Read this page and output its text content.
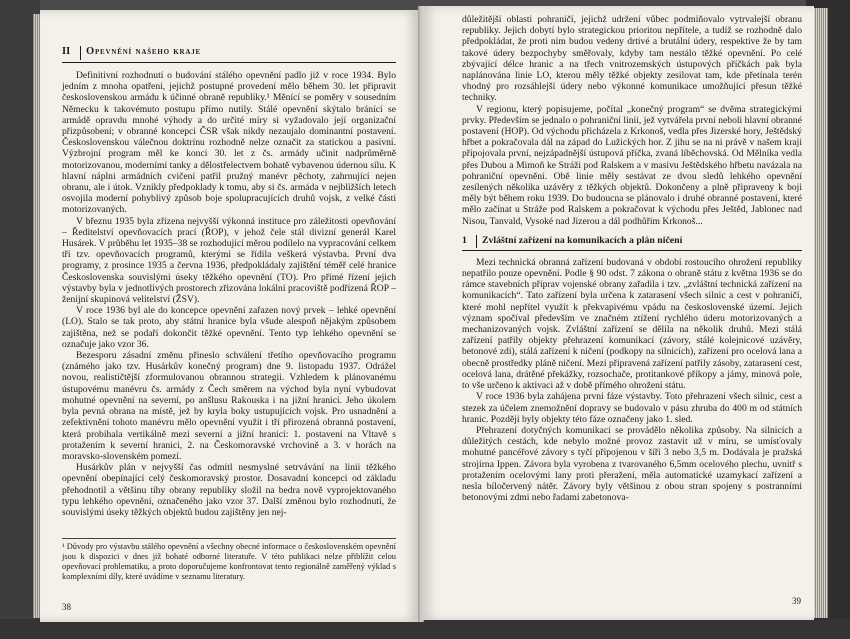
II	Opevnění našeho kraje

Definitivní rozhodnutí o budování stálého opevnění padlo již v roce 1934. Bylo jedním z mnoha opatření, jejichž postupné provedení mělo během 30. let připravit československou armádu k účinné obraně republiky.¹ Měnící se poměry v sousedním Německu k takovémuto postupu přímo nutily. Stálé opevnění skýtalo bránící se armádě opravdu mnohé výhody a do určité míry si vyžadovalo její organizační přizpůsobení; v obranné koncepci ČSR však nikdy nezaujalo dominantní postavení. Československou válečnou doktrínu rozhodně nelze označit za statickou a pasivní. Výzbrojní program měl ke konci 30. let z čs. armády učinit nadprůměrně motorizovanou, moderními tanky a dělostřelectvem bohatě vybavenou údernou sílu. K hlavní náplni armádních cvičení patřil pružný manévr pěchoty, zahrnující nejen obranu, ale i útok. Vznikly předpoklady k tomu, aby si čs. armáda v nejbližších letech osvojila moderní pohyblivý způsob boje spolupracujících druhů vojsk, z velké části motorizovaných.

V březnu 1935 byla zřízena nejvyšší výkonná instituce pro záležitosti opevňování – Ředitelství opevňovacích prací (ŘOP), v jehož čele stál divizní generál Karel Husárek. V průběhu let 1935–38 se rozhodující měrou podílelo na vypracování celkem tří tzv. opevňovacích programů, kterými se řídila veškerá výstavba. První dva programy, z prosince 1935 a června 1936, předpokládaly zajištění téměř celé hranice Československa souvislými úseky těžkého opevnění (TO). Pro přímé řízení jejich výstavby byla v jednotlivých prostorech zřizována lokální pracoviště podřízená ŘOP – ženijní skupinová velitelství (ŽSV).

V roce 1936 byl ale do koncepce opevnění zařazen nový prvek – lehké opevnění (LO). Stalo se tak proto, aby státní hranice byla všude alespoň nějakým způsobem zajištěna, než se podaří dokončit těžké opevnění. Tento typ lehkého opevnění se označuje jako vzor 36.

Bezesporu zásadní změnu přineslo schválení třetího opevňovacího programu (známého jako tzv. Husárkův konečný program) dne 9. listopadu 1937. Odrážel novou, realističtější zformulovanou obrannou strategii. Vzhledem k plánovanému ústupovému manévru čs. armády z Čech směrem na východ byla nyní vybudovat mohutné opevnění na severní, po anšlusu Rakouska i na jižní hranici. Jeho úkolem byla pevná obrana na místě, jež by kryla boky ustupujících vojsk. Pro usnadnění a zefektivnění tohoto manévru mělo opevnění využít i tří přirozená obranná postavení, která probíhala vertikálně mezi severní a jižní hranicí: 1. postavení na Vltavě s protažením k severní hranici, 2. na Českomoravské vrchovině a 3. v horách na moravsko-slovenském pomezí.

Husárkův plán v nejvyšší čas odmítl nesmyslné setrvávání na linii těžkého opevnění obepínající celý českomoravský prostor. Dosavadní koncepci od základu přehodnotil a většinu tíhy obrany republiky složil na bedra nově vyprojektovaného typu lehkého opevnění, označeného jako vzor 37. Další změnou bylo rozhodnutí, že souvislými úseky těžkých objektů budou zajištěny jen nej-

¹ Důvody pro výstavbu stálého opevnění a všechny obecné informace o československém opevnění jsou k dispozici v dnes již bohaté odborné literatuře. V této publikaci nelze přiblížit celou opevňovací problematiku, a proto doporučujeme konfrontovat tento regionálně zaměřený výklad s komplexními díly, které uvádíme v seznamu literatury.

38

důležitější oblasti pohraničí, jejichž udržení vůbec podmiňovalo vytrvalejší obranu republiky. Jejich dobytí bylo strategickou prioritou nepřítele, a tudíž se rozhodně dalo předpokládat, že proti nim budou vedeny drtivé a brutální údery, respektive že by tam takové údery bezpochyby směřovaly, kdyby tam nestálo těžké opevnění. Po celé zbývající délce hranic a na třech vnitrozemských ústupových příčkách pak byla naplánována linie LO, kterou měly těžké objekty zesilovat tam, kde přetínala terén vhodný pro rozsáhlejší údery nebo výkonné komunikace umožňující přesun těžké techniky.

V regionu, který popisujeme, počítal „konečný program“ se dvěma strategickými prvky. Především se jednalo o pohraniční linii, jež vytvářela první neboli hlavní obranné postavení (HOP). Od východu přicházela z Krkonoš, vedla přes Jizerské hory, Ještědský hřbet a pokračovala dál na západ do Lužických hor. Z jihu se na ni právě v našem kraji připojovala první, nejzápadnější ústupová příčka, zvaná líběchovská. Od Mělníka vedla přes Dubou a Mimoň ke Stráži pod Ralskem a v masivu Ještědského hřbetu navázala na pohraniční opevnění. Obě linie měly sestávat ze dvou sledů lehkého opevnění zesílených několika uzávěry z těžkých objektů. Dokončeny a plně připraveny k boji měly být během roku 1939. Do budoucna se plánovalo i druhé obranné postavení, které mělo začínat u Stráže pod Ralskem a pokračovat k východu přes Ještěd, Jablonec nad Nisou, Tanvald, Vysoké nad Jizerou a dál podhůřím Krkonoš...

1	Zvláštní zařízení na komunikacích a plán ničení

Mezi technická obranná zařízení budovaná v období rostoucího ohrožení republiky nepatřilo pouze opevnění. Podle § 90 odst. 7 zákona o obraně státu z května 1936 se do rámce stavebních příprav vojenské obrany zařadila i tzv. „zvláštní technická zařízení na komunikacích“. Tato zařízení byla určena k zatarasení všech silnic a cest v pohraničí, které mohl nepřítel využít k překvapivému vpádu na československé území. Jejich význam spočíval především ve značném ztížení rychlého úderu motorizovaných a mechanizovaných vojsk. Zvláštní zařízení se dělila na několik druhů. Mezi stálá zařízení patřily objekty přehrazení komunikací (závory, stálé kolejnicové uzávěry, betonové zdi), stálá zařízení k ničení (podkopy na silnicích), zařízení pro ocelová lana a obecně prostředky pláně ničení. Mezi připravená zařízení patřily zásoby, zatarasení cest, ocelová lana, drátěné překážky, rozsochače, protitankové příkopy a jámy, minová pole, to vše určeno k aktivaci až v době přímého ohrožení státu.

V roce 1936 byla zahájena první fáze výstavby. Toto přehrazení všech silnic, cest a stezek za účelem znemožnění dopravy se budovalo v pásu zhruba do 400 m od státních hranic. Později byly objekty této fáze označeny jako 1. sled.

Přehrazení dotyčných komunikací se provádělo několika způsoby. Na silnicích a důležitých cestách, kde nebylo možné provoz zastavit už v míru, se umísťovaly mohutné pancéřové závory s tyčí připojenou v šíři 3 nebo 3,5 m. Dodávala je pražská strojírna Ippen. Závora byla vyrobena z tvarovaného 6,5mm ocelového plechu, uvnitř s protažením ocelovými lany proti přeražení, měla automatické uzamykací zařízení a nesla bíločervený nátěr. Závory byly většinou z obou stran spojeny s postranními betonovými zdmi nebo řadami zabetonova-

39
